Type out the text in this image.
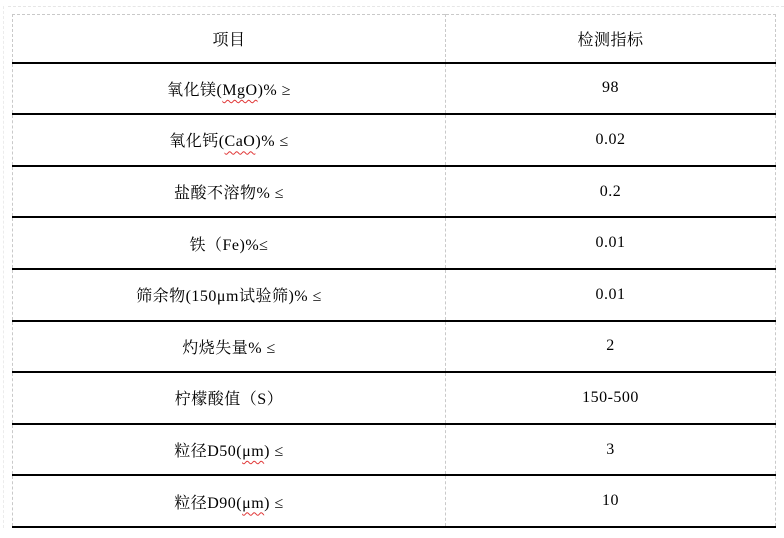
项目	检测指标
氧化镁(MgO)% ≥	98
氧化钙(CaO)% ≤	0.02
盐酸不溶物% ≤	0.2
铁（Fe)%≤	0.01
筛余物(150μm试验筛)% ≤	0.01
灼烧失量% ≤	2
柠檬酸值（S）	150-500
粒径D50(μm) ≤	3
粒径D90(μm) ≤	10
